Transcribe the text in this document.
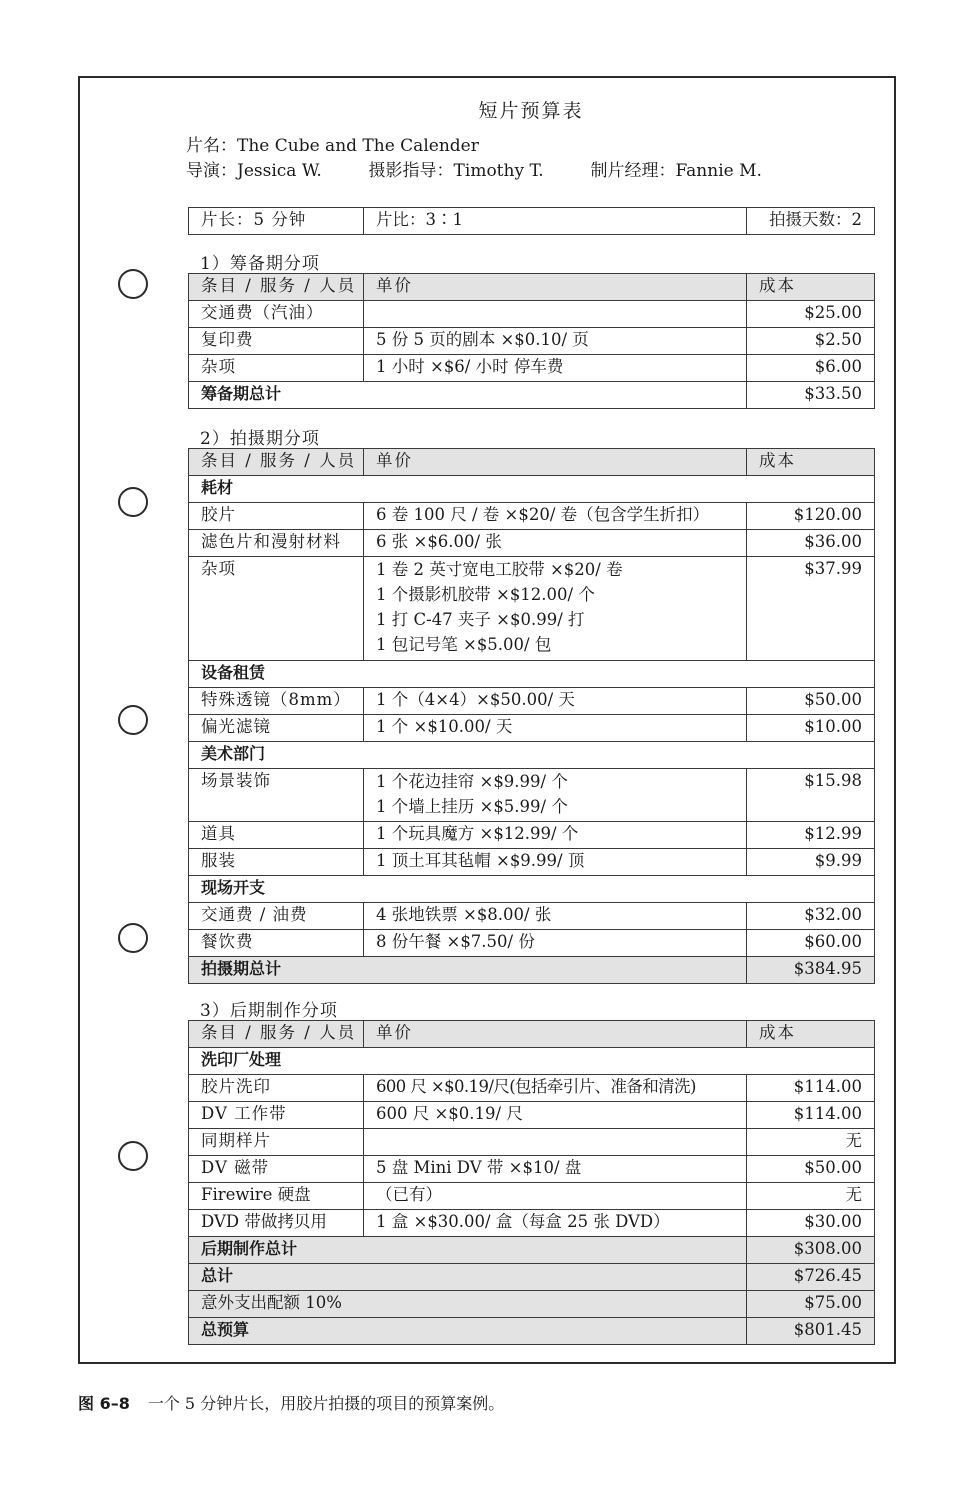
短片预算表
片名：The Cube and The Calender
导演：Jessica W.	摄影指导：Timothy T.	制片经理：Fannie M.
片长：5 分钟	片比：3∶1	拍摄天数：2
1）筹备期分项
条目 / 服务 / 人员	单价	成本
交通费（汽油）		$25.00
复印费	5 份 5 页的剧本 ×$0.10/ 页	$2.50
杂项	1 小时 ×$6/ 小时 停车费	$6.00
筹备期总计		$33.50
2）拍摄期分项
条目 / 服务 / 人员	单价	成本
耗材		
胶片	6 卷 100 尺 / 卷 ×$20/ 卷（包含学生折扣）	$120.00
滤色片和漫射材料	6 张 ×$6.00/ 张	$36.00
杂项	1 卷 2 英寸宽电工胶带 ×$20/ 卷
1 个摄影机胶带 ×$12.00/ 个
1 打 C-47 夹子 ×$0.99/ 打
1 包记号笔 ×$5.00/ 包	$37.99
设备租赁		
特殊透镜（8mm）	1 个（4×4）×$50.00/ 天	$50.00
偏光滤镜	1 个 ×$10.00/ 天	$10.00
美术部门		
场景装饰	1 个花边挂帘 ×$9.99/ 个
1 个墙上挂历 ×$5.99/ 个	$15.98
道具	1 个玩具魔方 ×$12.99/ 个	$12.99
服装	1 顶土耳其毡帽 ×$9.99/ 顶	$9.99
现场开支		
交通费 / 油费	4 张地铁票 ×$8.00/ 张	$32.00
餐饮费	8 份午餐 ×$7.50/ 份	$60.00
拍摄期总计		$384.95
3）后期制作分项
条目 / 服务 / 人员	单价	成本
洗印厂处理		
胶片洗印	600 尺 ×$0.19/尺(包括牵引片、准备和清洗)	$114.00
DV 工作带	600 尺 ×$0.19/ 尺	$114.00
同期样片		无
DV 磁带	5 盘 Mini DV 带 ×$10/ 盘	$50.00
Firewire 硬盘	（已有）	无
DVD 带做拷贝用	1 盒 ×$30.00/ 盒（每盒 25 张 DVD）	$30.00
后期制作总计		$308.00
总计		$726.45
意外支出配额 10%		$75.00
总预算		$801.45
图 6–8 一个 5 分钟片长，用胶片拍摄的项目的预算案例。
